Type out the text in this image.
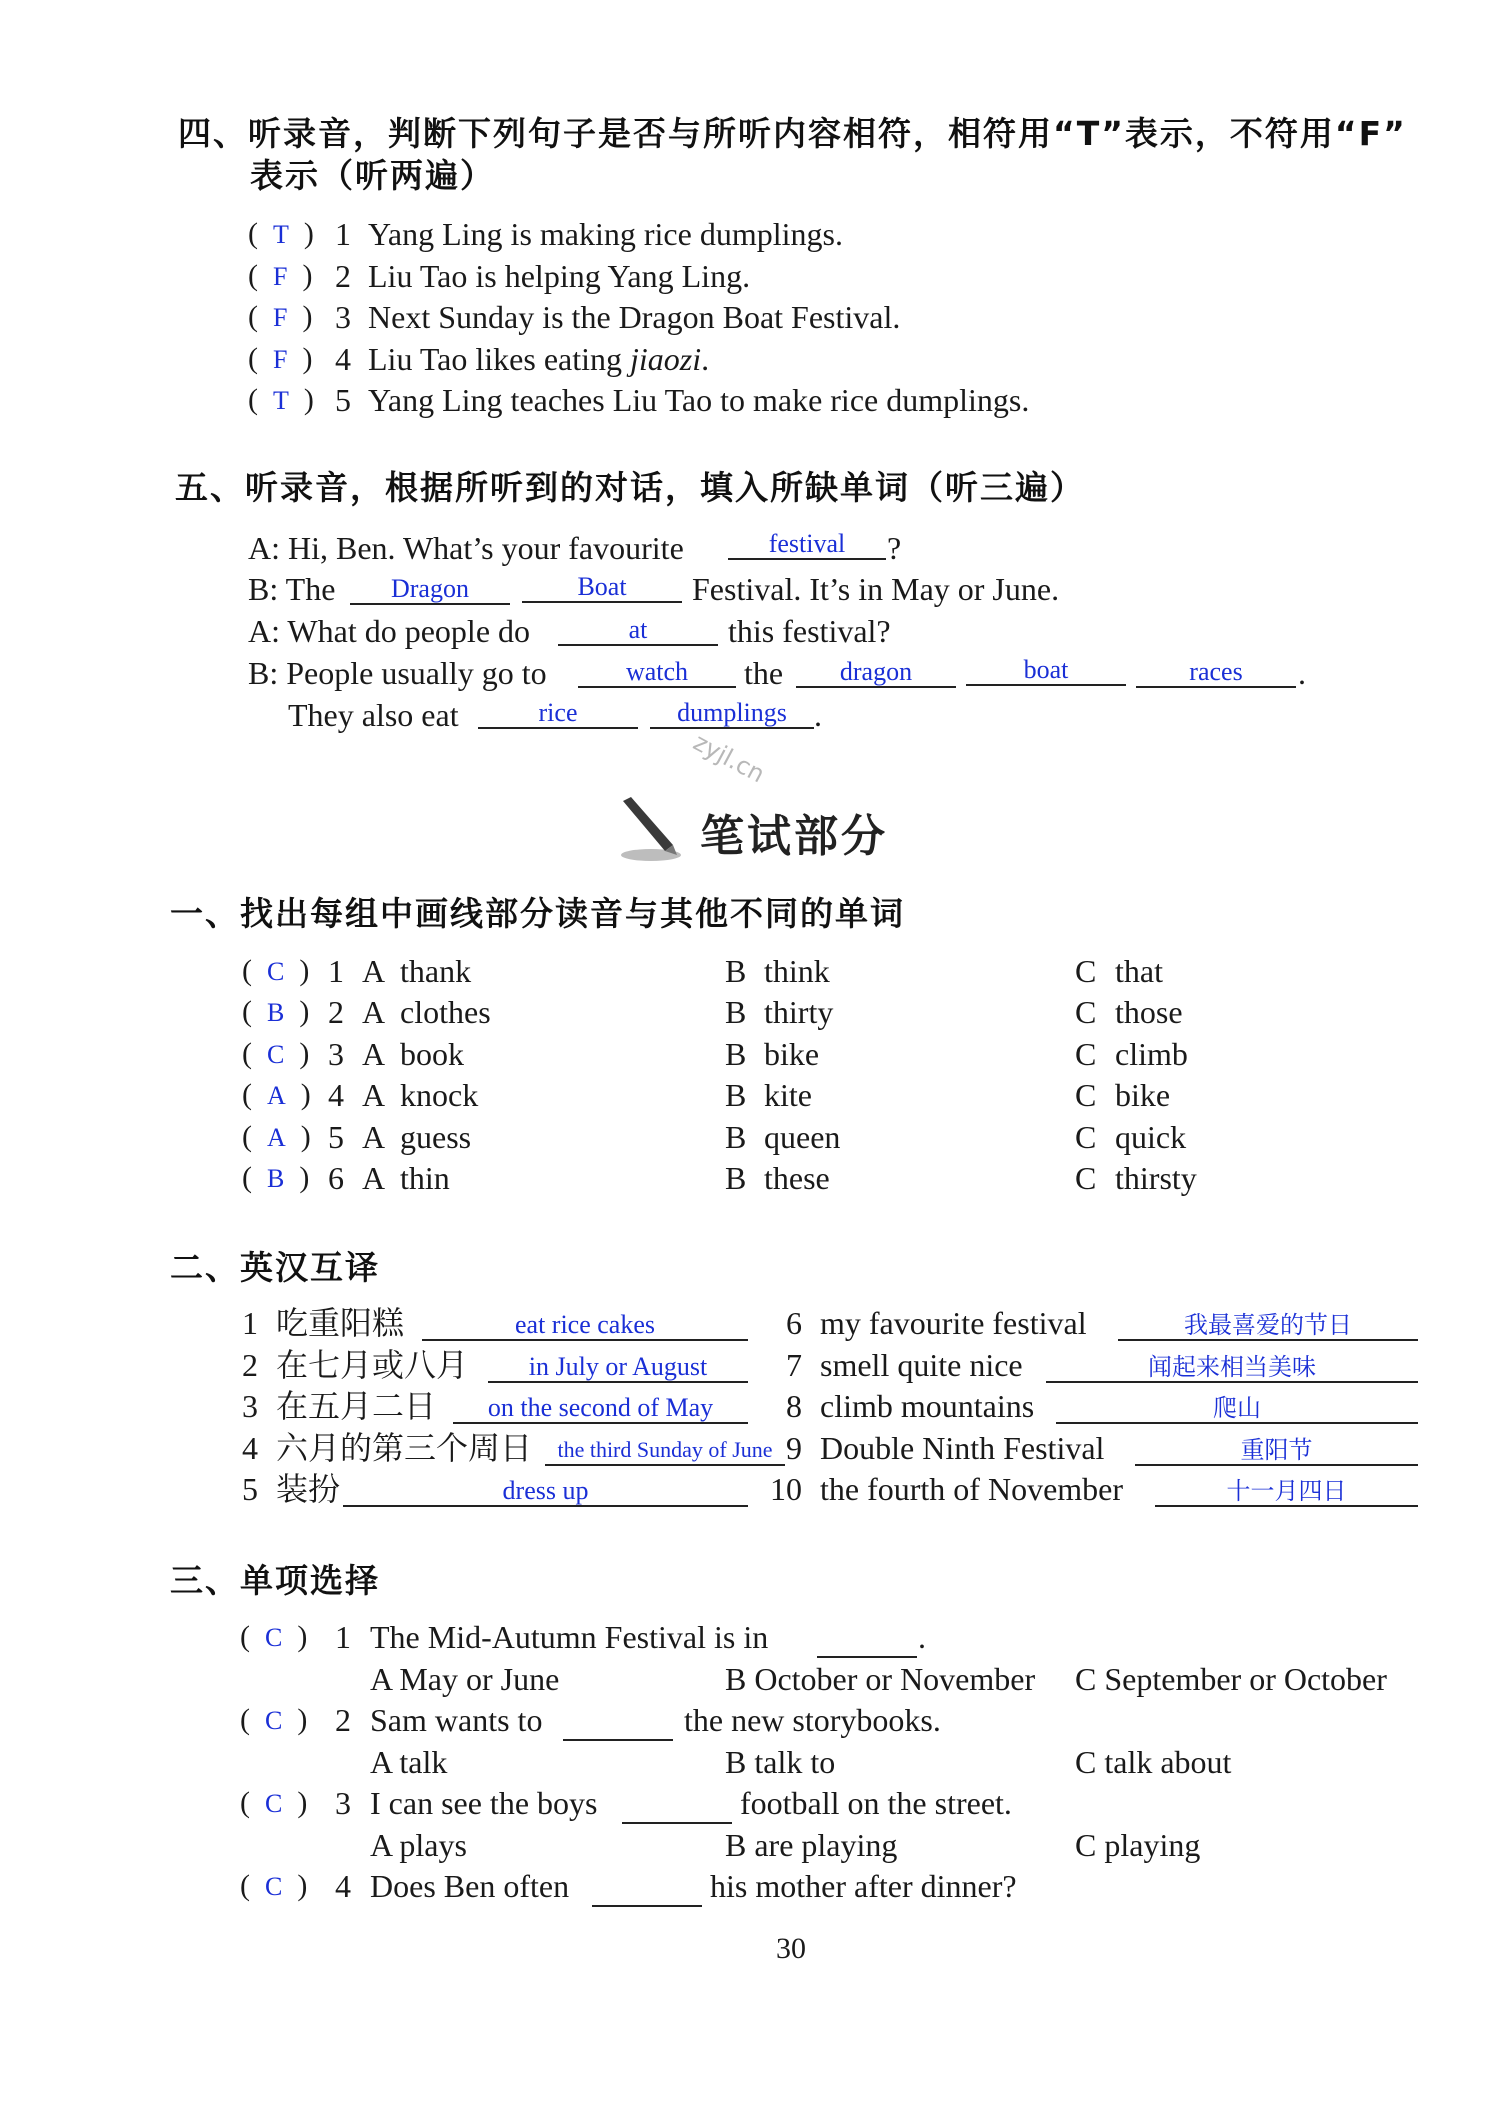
四、听录音，判断下列句子是否与所听内容相符，相符用“T”表示，不符用“F”
表示（听两遍）
(  T  ) 1 Yang Ling is making rice dumplings.
(  F  ) 2 Liu Tao is helping Yang Ling.
(  F  ) 3 Next Sunday is the Dragon Boat Festival.
(  F  ) 4 Liu Tao likes eating jiaozi.
(  T  ) 5 Yang Ling teaches Liu Tao to make rice dumplings.
五、听录音，根据所听到的对话，填入所缺单词（听三遍）
A: Hi, Ben. What’s your favourite	festival	?
B: The	Dragon	Boat	Festival. It’s in May or June.
A: What do people do	at	this festival?
B: People usually go to	watch	the	dragon	boat	races	.
They also eat	rice	dumplings .
zyjl.cn
笔试部分
一、找出每组中画线部分读音与其他不同的单词
(  C  ) 1 A thank	B think	C that
(  B  ) 2 A clothes	B thirty	C those
(  C  ) 3 A book	B bike	C climb
(  A  ) 4 A knock	B kite	C bike
(  A  ) 5 A guess	B queen	C quick
(  B  ) 6 A thin	B these	C thirsty
二、英汉互译
1 吃重阳糕	eat rice cakes
2 在七月或八月	in July or August
3 在五月二日	on the second of May
4 六月的第三个周日	the third Sunday of June
5 装扮	dress up
6 my favourite festival	我最喜爱的节日
7 smell quite nice	闻起来相当美味
8 climb mountains	爬山
9 Double Ninth Festival	重阳节
10 the fourth of November	十一月四日
三、单项选择
(  C  ) 1 The Mid-Autumn Festival is in	.
A May or June	B October or November C September or October
(  C  ) 2 Sam wants to	the new storybooks.
A talk	B talk to	C talk about
(  C  ) 3 I can see the boys	football on the street.
A plays	B are playing	C playing
(  C  ) 4 Does Ben often	his mother after dinner?
30
